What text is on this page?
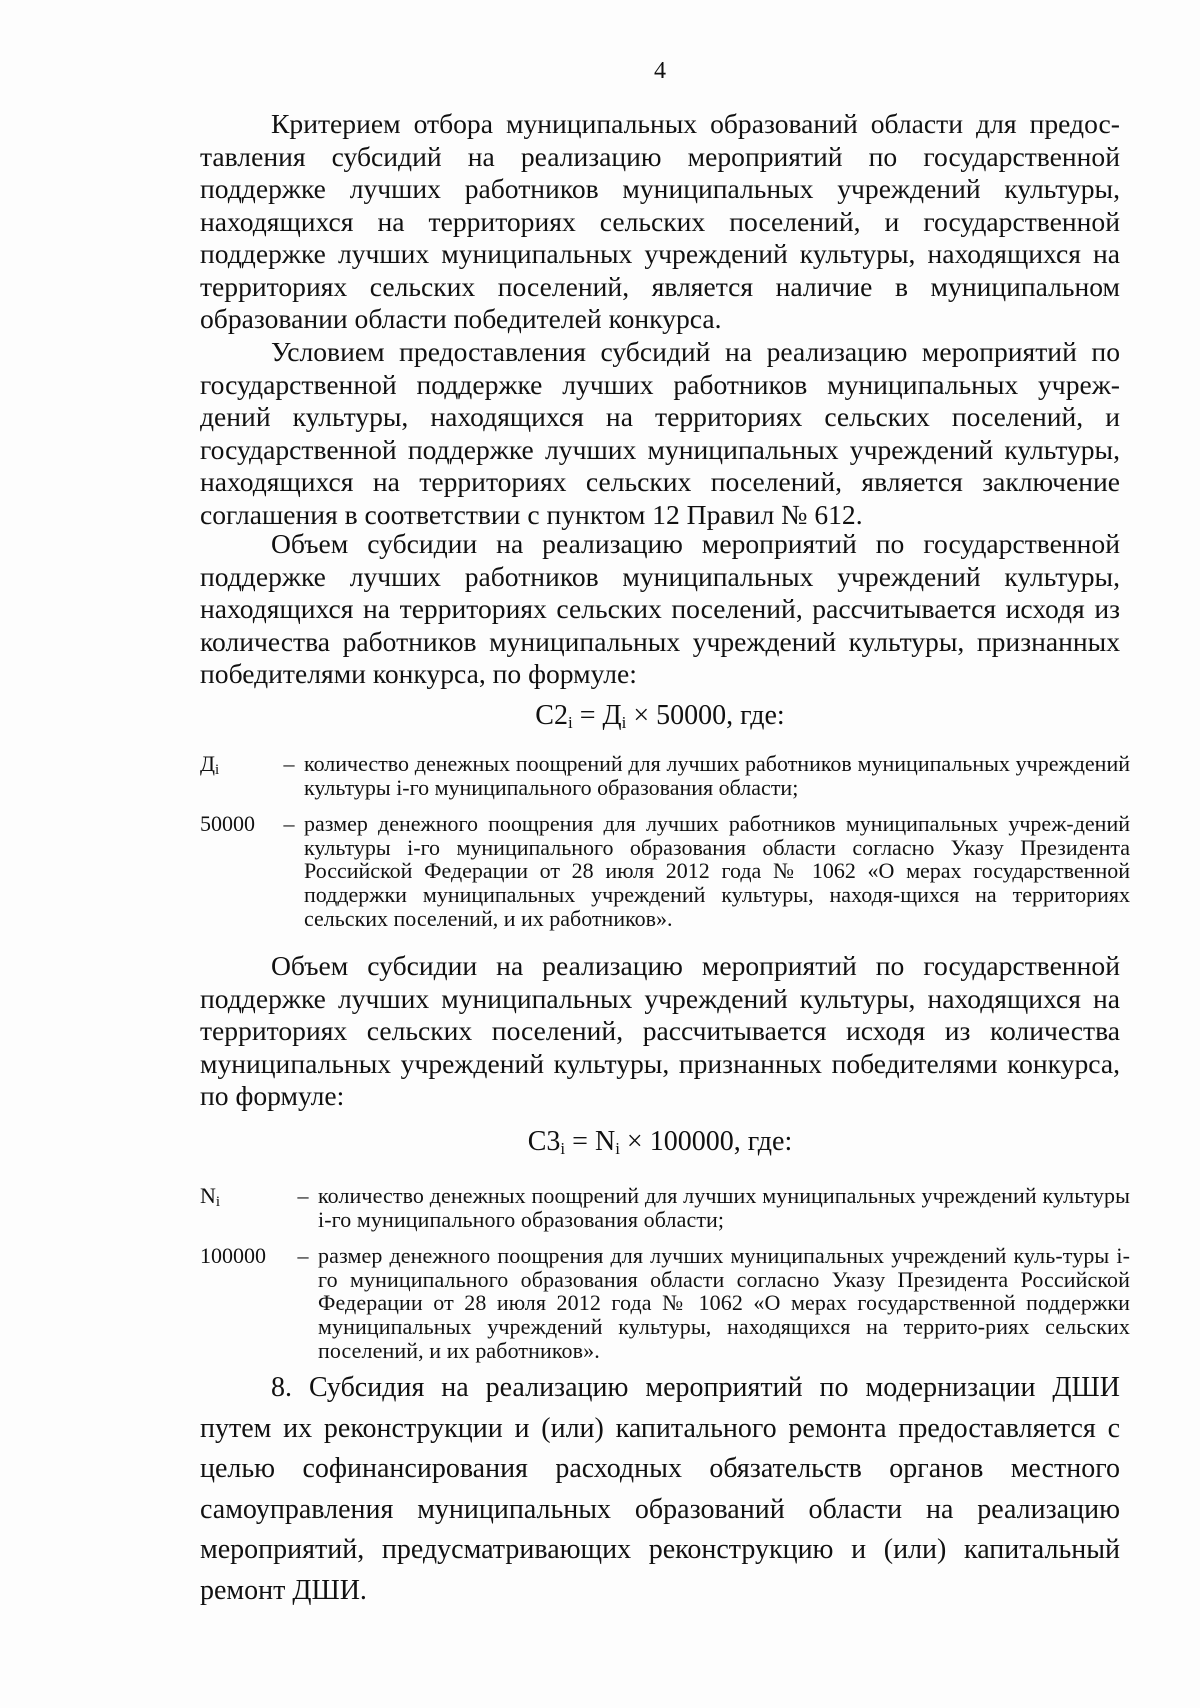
4

Критерием отбора муниципальных образований области для предос-тавления субсидий на реализацию мероприятий по государственной поддержке лучших работников муниципальных учреждений культуры, находящихся на территориях сельских поселений, и государственной поддержке лучших муниципальных учреждений культуры, находящихся на территориях сельских поселений, является наличие в муниципальном образовании области победителей конкурса.

Условием предоставления субсидий на реализацию мероприятий по государственной поддержке лучших работников муниципальных учреж-дений культуры, находящихся на территориях сельских поселений, и государственной поддержке лучших муниципальных учреждений культуры, находящихся на территориях сельских поселений, является заключение соглашения в соответствии с пунктом 12 Правил № 612.

Объем субсидии на реализацию мероприятий по государственной поддержке лучших работников муниципальных учреждений культуры, находящихся на территориях сельских поселений, рассчитывается исходя из количества работников муниципальных учреждений культуры, признанных победителями конкурса, по формуле:

$С2_i = Д_i \times 50000$, где:
Дi	– количество денежных поощрений для лучших работников муниципальных учреждений культуры i-го муниципального образования области;
50000	– размер денежного поощрения для лучших работников муниципальных учреж-дений культуры i-го муниципального образования области согласно Указу Президента Российской Федерации от 28 июля 2012 года № 1062 «О мерах государственной поддержки муниципальных учреждений культуры, находя-щихся на территориях сельских поселений, и их работников».

Объем субсидии на реализацию мероприятий по государственной поддержке лучших муниципальных учреждений культуры, находящихся на территориях сельских поселений, рассчитывается исходя из количества муниципальных учреждений культуры, признанных победителями конкурса, по формуле:

$С3_i = N_i \times 100000$, где:
Ni	– количество денежных поощрений для лучших муниципальных учреждений культуры i-го муниципального образования области;
100000	– размер денежного поощрения для лучших муниципальных учреждений куль-туры i-го муниципального образования области согласно Указу Президента Российской Федерации от 28 июля 2012 года № 1062 «О мерах государственной поддержки муниципальных учреждений культуры, находящихся на террито-риях сельских поселений, и их работников».

8. Субсидия на реализацию мероприятий по модернизации ДШИ путем их реконструкции и (или) капитального ремонта предоставляется с целью софинансирования расходных обязательств органов местного самоуправления муниципальных образований области на реализацию мероприятий, предусматривающих реконструкцию и (или) капитальный ремонт ДШИ.
